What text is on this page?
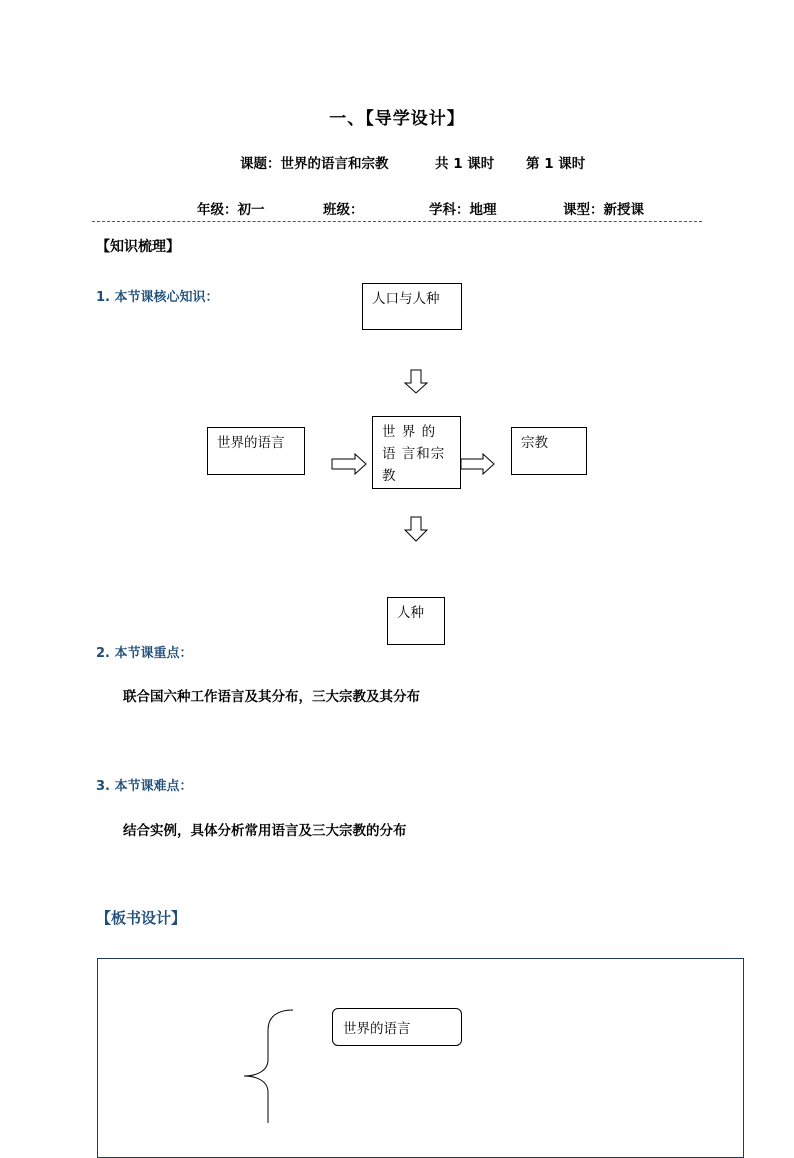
一、【导学设计】
课题：世界的语言和宗教	共 1 课时 第 1 课时
年级：初一	班级：	学科：地理	课型：新授课
【知识梳理】
1. 本节课核心知识：	人口与人种
世界的语言
世 界 的 语 言和宗教
宗教
人种
2. 本节课重点：
联合国六种工作语言及其分布，三大宗教及其分布
3. 本节课难点：
结合实例，具体分析常用语言及三大宗教的分布
【板书设计】
世界的语言
